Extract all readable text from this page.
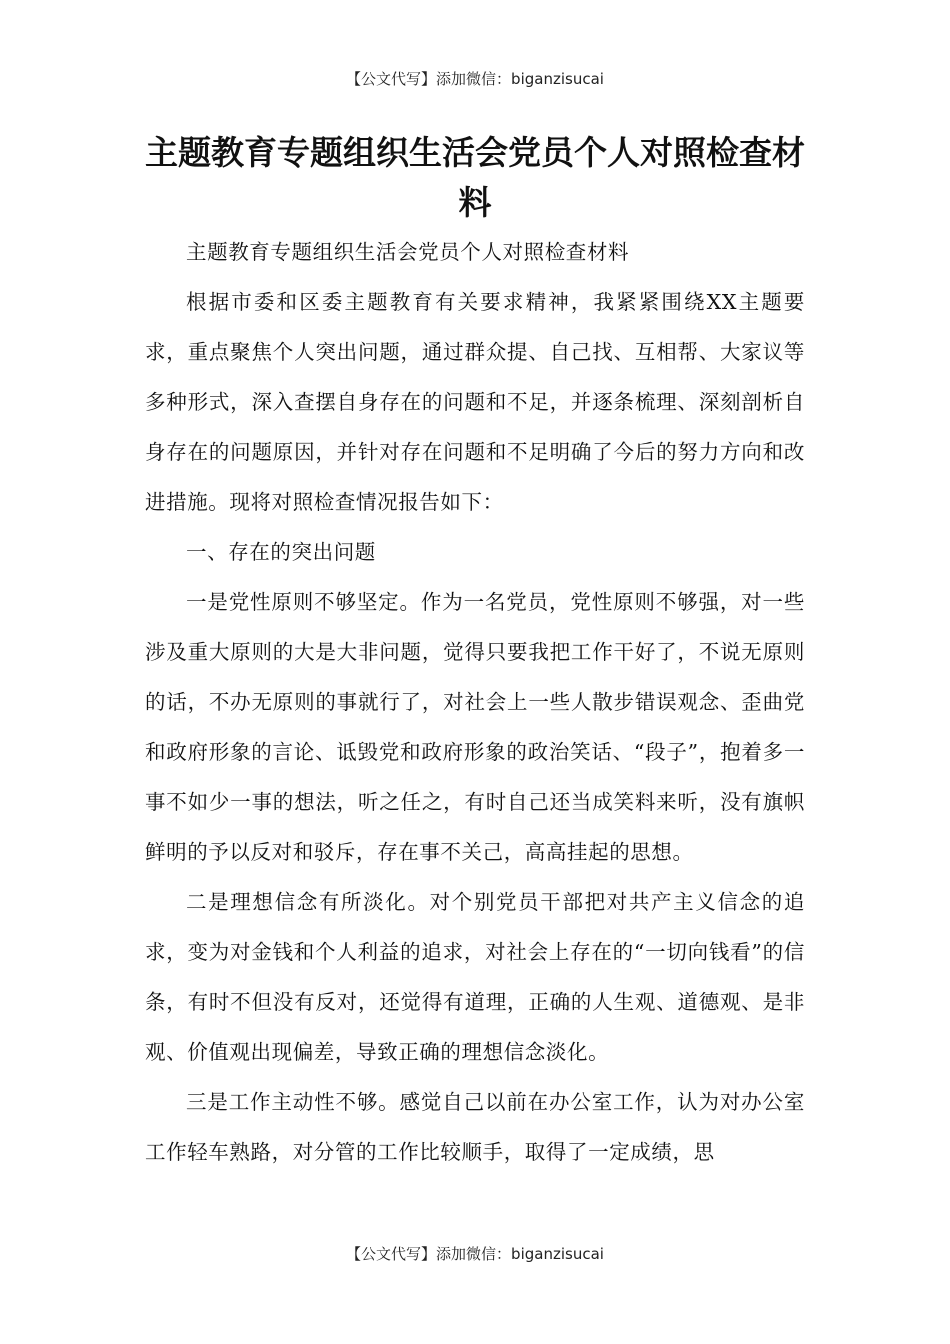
【公文代写】添加微信：biganzisucai
主题教育专题组织生活会党员个人对照检查材料

主题教育专题组织生活会党员个人对照检查材料

根据市委和区委主题教育有关要求精神，我紧紧围绕XX主题要求，重点聚焦个人突出问题，通过群众提、自己找、互相帮、大家议等多种形式，深入查摆自身存在的问题和不足，并逐条梳理、深刻剖析自身存在的问题原因，并针对存在问题和不足明确了今后的努力方向和改进措施。现将对照检查情况报告如下：

一、存在的突出问题

一是党性原则不够坚定。作为一名党员，党性原则不够强，对一些涉及重大原则的大是大非问题，觉得只要我把工作干好了，不说无原则的话，不办无原则的事就行了，对社会上一些人散步错误观念、歪曲党和政府形象的言论、诋毁党和政府形象的政治笑话、“段子”，抱着多一事不如少一事的想法，听之任之，有时自己还当成笑料来听，没有旗帜鲜明的予以反对和驳斥，存在事不关己，高高挂起的思想。

二是理想信念有所淡化。对个别党员干部把对共产主义信念的追求，变为对金钱和个人利益的追求，对社会上存在的“一切向钱看”的信条，有时不但没有反对，还觉得有道理，正确的人生观、道德观、是非观、价值观出现偏差，导致正确的理想信念淡化。

三是工作主动性不够。感觉自己以前在办公室工作，认为对办公室工作轻车熟路，对分管的工作比较顺手，取得了一定成绩，思

【公文代写】添加微信：biganzisucai
